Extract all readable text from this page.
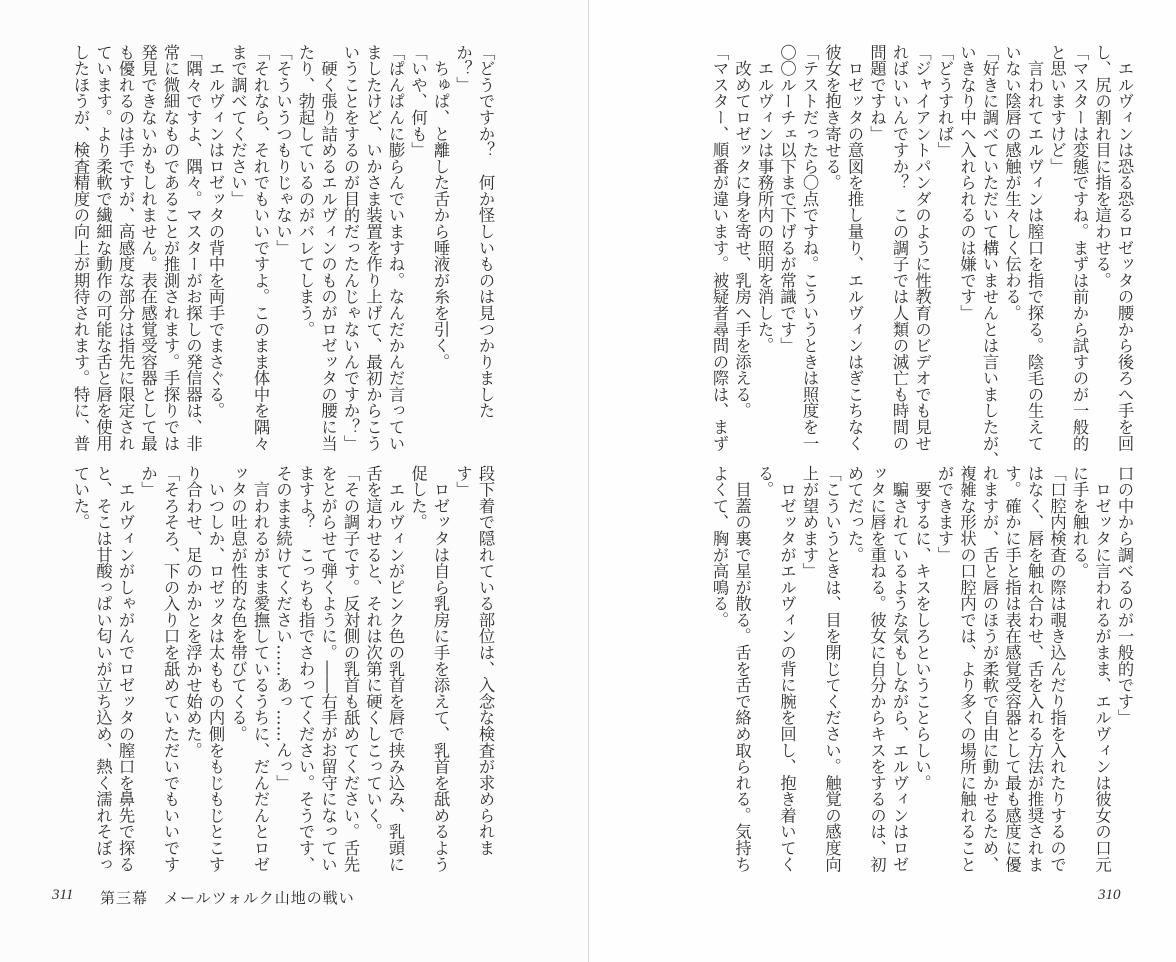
「どうですか？　何か怪しいものは見つかりました
か？」
　ちゅぱ、と離した舌から唾液が糸を引く。
「いや、何も」
「ぱんぱんに膨らんでいますね。なんだかんだ言ってい
ましたけど、いかさま装置を作り上げて、最初からこう
いうことをするのが目的だったんじゃないんですか？」
　硬く張り詰めるエルヴィンのものがロゼッタの腰に当
たり、勃起しているのがバレてしまう。
「そういうつもりじゃない」
「それなら、それでもいいですよ。このまま体中を隅々
まで調べてください」
　エルヴィンはロゼッタの背中を両手でまさぐる。
「隅々ですよ、隅々。マスターがお探しの発信器は、非
常に微細なものであることが推測されます。手探りでは
発見できないかもしれません。表在感覚受容器として最
も優れるのは手ですが、高感度な部分は指先に限定され
ています。より柔軟で繊細な動作の可能な舌と唇を使用
したほうが、検査精度の向上が期待されます。特に、普
段下着で隠れている部位は、入念な検査が求められま
す」
　ロゼッタは自ら乳房に手を添えて、乳首を舐めるよう
促した。
　エルヴィンがピンク色の乳首を唇で挟み込み、乳頭に
舌を這わせると、それは次第に硬くしこっていく。
「その調子です。反対側の乳首も舐めてください。舌先
をとがらせて弾くように。――右手がお留守になってい
ますよ？　こっちも指でさわってください。そうです、
そのまま続けてください……あっ……んっ」
　言われるがまま愛撫しているうちに、だんだんとロゼ
ッタの吐息が性的な色を帯びてくる。
　いつしか、ロゼッタは太ももの内側をもじもじとこす
り合わせ、足のかかとを浮かせ始めた。
「そろそろ、下の入り口を舐めていただいでもいいです
か」
　エルヴィンがしゃがんでロゼッタの膣口を鼻先で探る
と、そこは甘酸っぱい匂いが立ち込め、熱く濡れそぼっ
ていた。
311 第三幕　メールツォルク山地の戦い
　エルヴィンは恐る恐るロゼッタの腰から後ろへ手を回
し、尻の割れ目に指を這わせる。
「マスターは変態ですね。まずは前から試すのが一般的
と思いますけど」
　言われてエルヴィンは膣口を指で探る。陰毛の生えて
いない陰唇の感触が生々しく伝わる。
「好きに調べていただいて構いませんとは言いましたが、
いきなり中へ入れられるのは嫌です」
「どうすれば」
「ジャイアントパンダのように性教育のビデオでも見せ
ればいいんですか？　この調子では人類の滅亡も時間の
問題ですね」
　ロゼッタの意図を推し量り、エルヴィンはぎこちなく
彼女を抱き寄せる。
「テストだったら〇点ですね。こういうときは照度を一
〇〇ルーチェ以下まで下げるが常識です」
　エルヴィンは事務所内の照明を消した。
　改めてロゼッタに身を寄せ、乳房へ手を添える。
「マスター、順番が違います。被疑者尋問の際は、まず
口の中から調べるのが一般的です」
　ロゼッタに言われるがまま、エルヴィンは彼女の口元
に手を触れる。
「口腔内検査の際は覗き込んだり指を入れたりするので
はなく、唇を触れ合わせ、舌を入れる方法が推奨されま
す。確かに手と指は表在感覚受容器として最も感度に優
れますが、舌と唇のほうが柔軟で自由に動かせるため、
複雑な形状の口腔内では、より多くの場所に触れること
ができます」
　要するに、キスをしろということらしい。
　騙されているような気もしながら、エルヴィンはロゼ
ッタに唇を重ねる。彼女に自分からキスをするのは、初
めてだった。
「こういうときは、目を閉じてください。触覚の感度向
上が望めます」
　ロゼッタがエルヴィンの背に腕を回し、抱き着いてく
る。
　目蓋の裏で星が散る。舌を舌で絡め取られる。気持ち
よくて、胸が高鳴る。
310
